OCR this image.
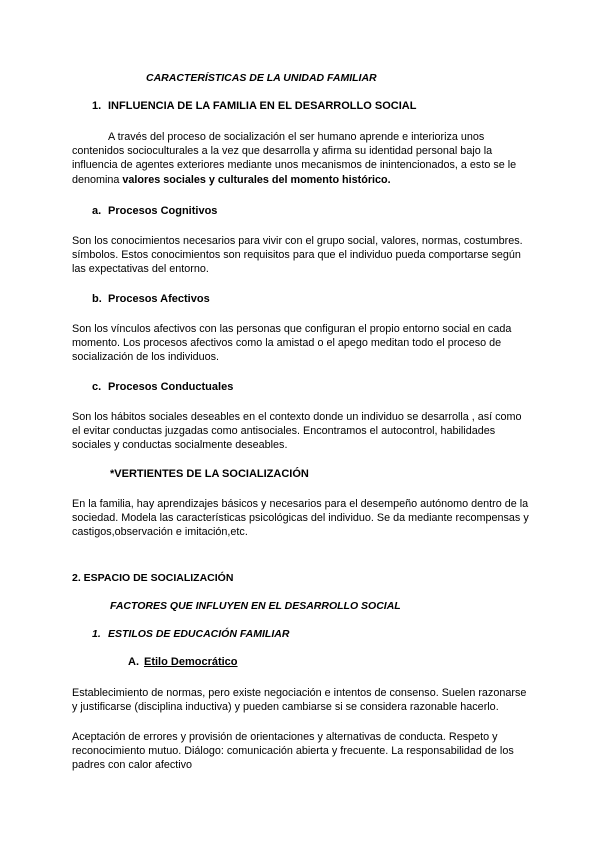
CARACTERÍSTICAS DE LA UNIDAD FAMILIAR
1. INFLUENCIA DE LA FAMILIA EN EL DESARROLLO SOCIAL

A través del proceso de socialización el ser humano aprende e interioriza unos contenidos socioculturales a la vez que desarrolla y afirma su identidad personal bajo la influencia de agentes exteriores mediante unos mecanismos de inintencionados, a esto se le denomina valores sociales y culturales del momento histórico.

a. Procesos Cognitivos

Son los conocimientos necesarios para vivir con el grupo social, valores, normas, costumbres. símbolos. Estos conocimientos son requisitos para que el individuo pueda comportarse según las expectativas del entorno.

b. Procesos Afectivos

Son los vínculos afectivos con las personas que configuran el propio entorno social en cada momento. Los procesos afectivos como la amistad o el apego meditan todo el proceso de socialización de los individuos.

c. Procesos Conductuales

Son los hábitos sociales deseables en el contexto donde un individuo se desarrolla , así como el evitar conductas juzgadas como antisociales. Encontramos el autocontrol, habilidades sociales y conductas socialmente deseables.

*VERTIENTES DE LA SOCIALIZACIÓN

En la familia, hay aprendizajes básicos y necesarios para el desempeño autónomo dentro de la sociedad. Modela las características psicológicas del individuo. Se da mediante recompensas y castigos,observación e imitación,etc.

2. ESPACIO DE SOCIALIZACIÓN
FACTORES QUE INFLUYEN EN EL DESARROLLO SOCIAL
1. ESTILOS DE EDUCACIÓN FAMILIAR
A. Etilo Democrático

Establecimiento de normas, pero existe negociación e intentos de consenso. Suelen razonarse y justificarse (disciplina inductiva) y pueden cambiarse si se considera razonable hacerlo.

Aceptación de errores y provisión de orientaciones y alternativas de conducta. Respeto y reconocimiento mutuo. Diálogo: comunicación abierta y frecuente. La responsabilidad de los padres con calor afectivo
